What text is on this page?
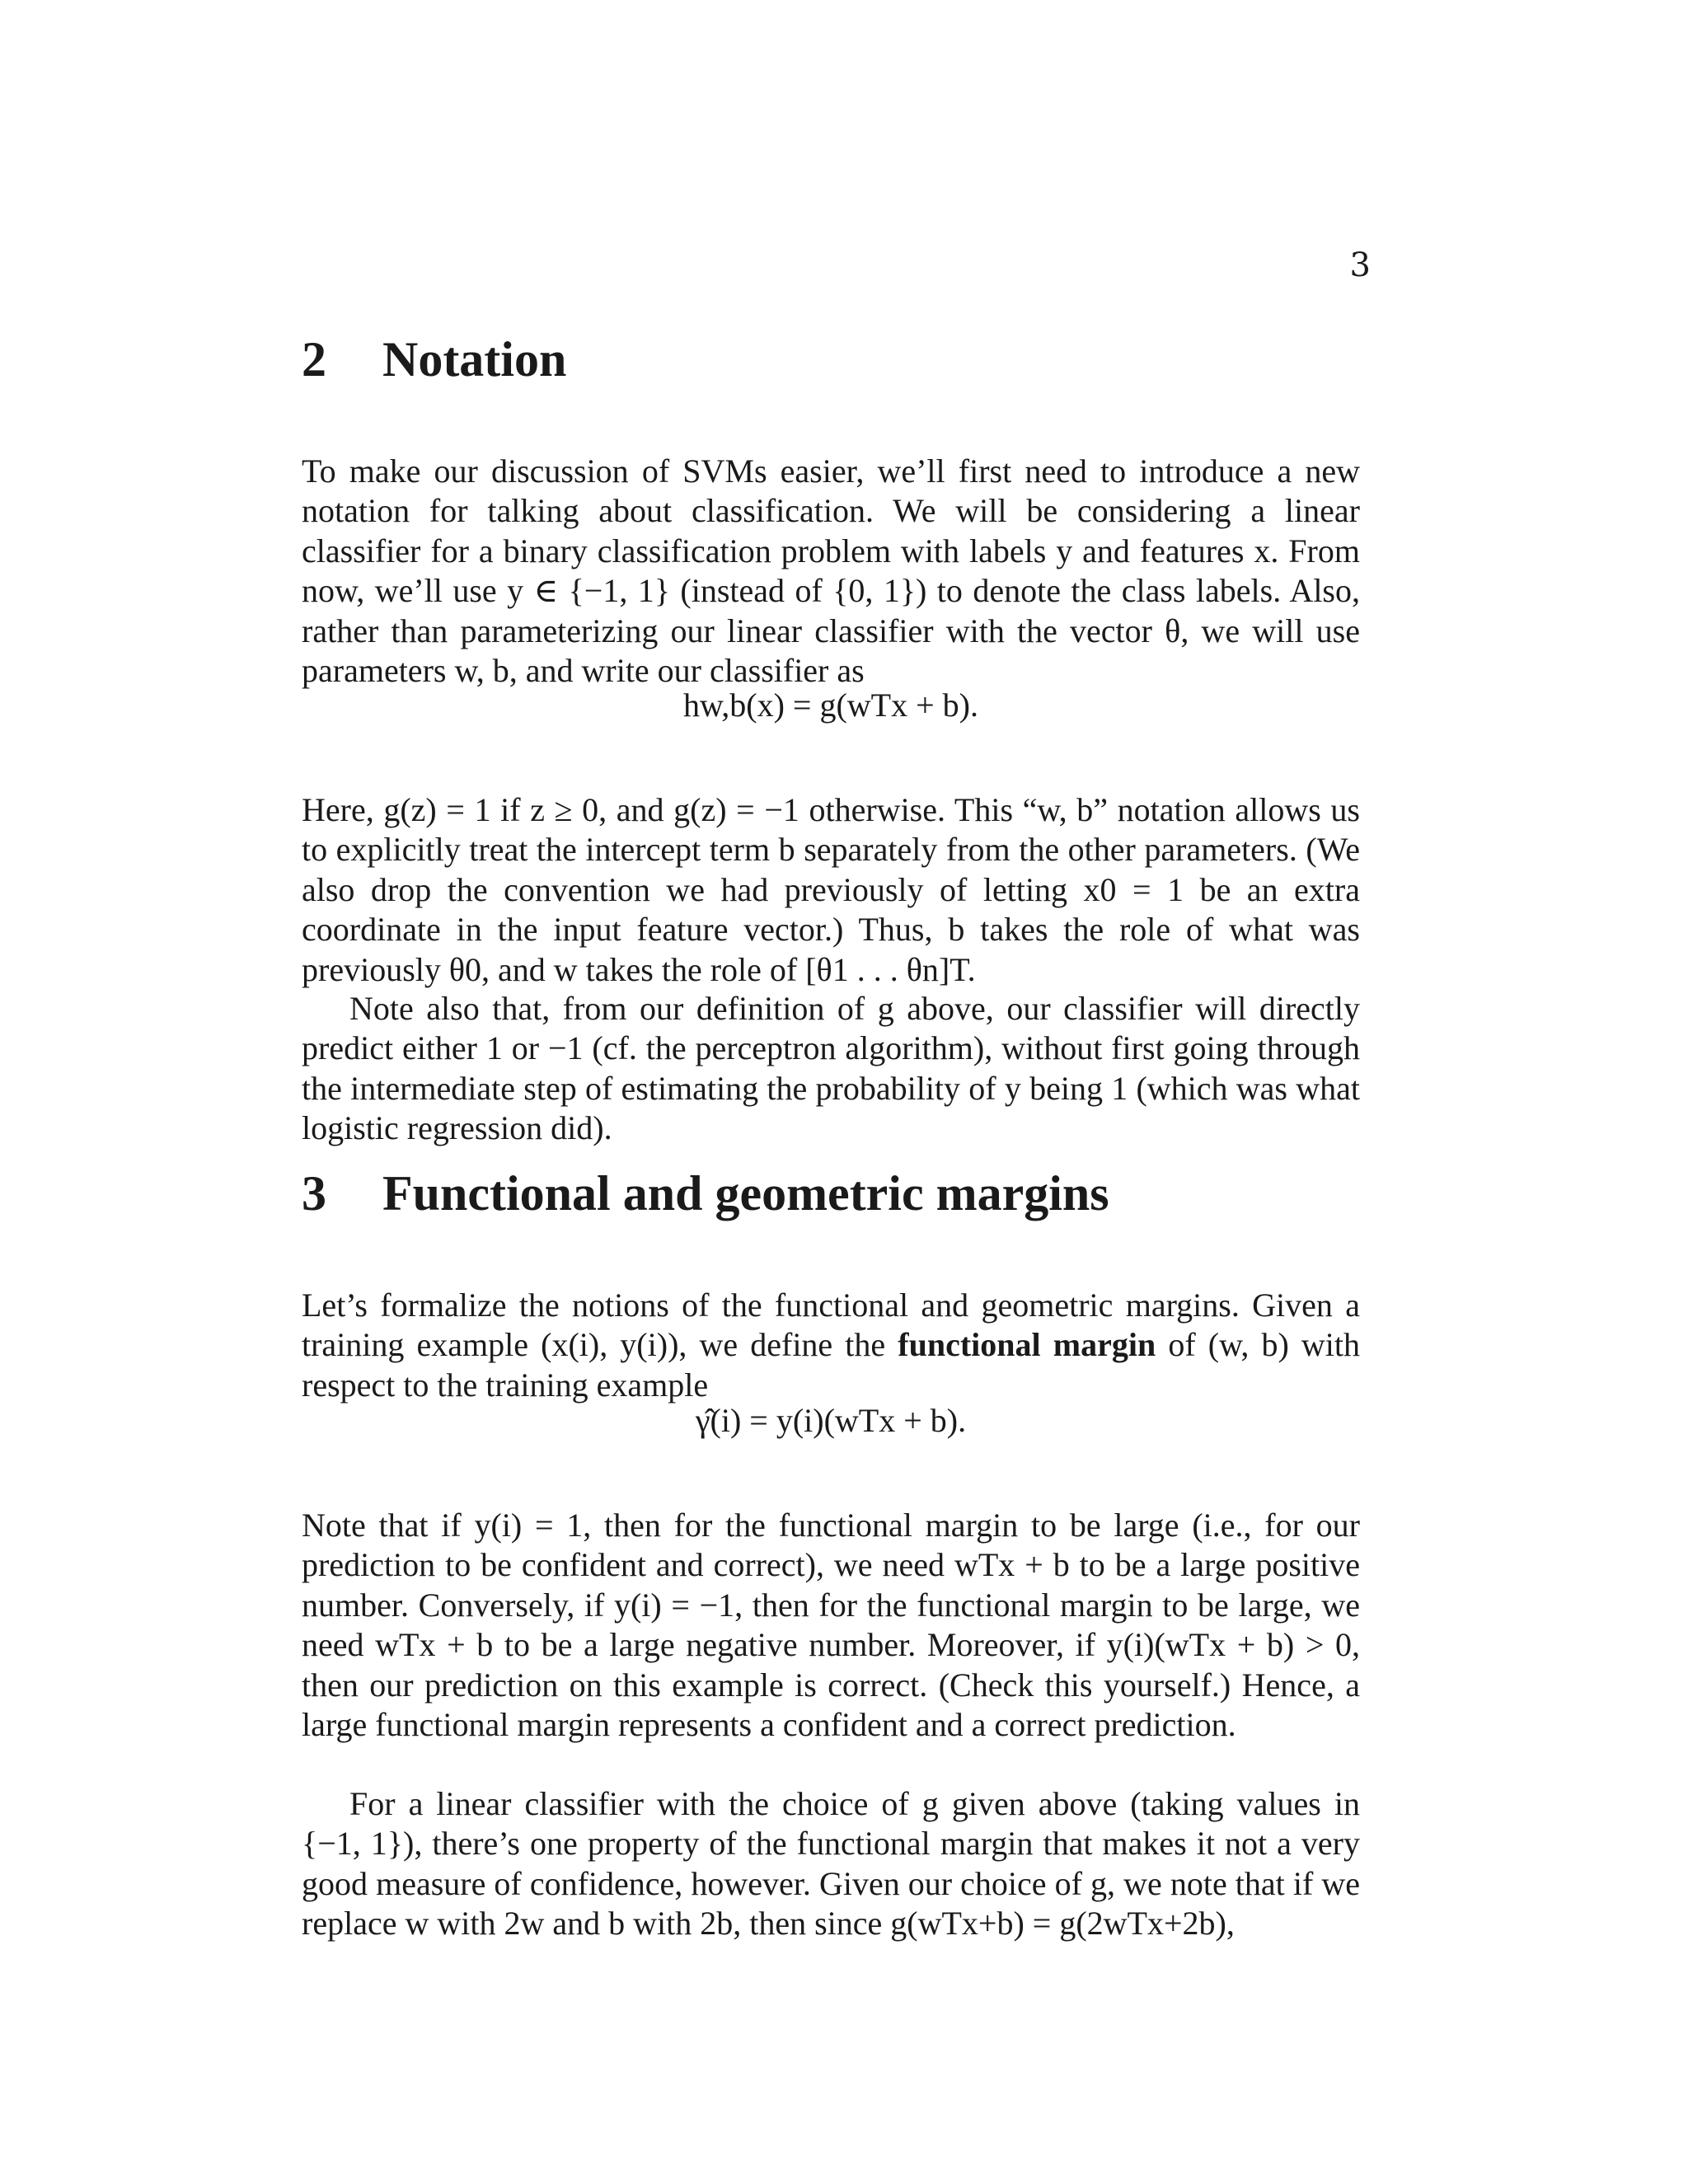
3
2 Notation

To make our discussion of SVMs easier, we’ll first need to introduce a new notation for talking about classification. We will be considering a linear classifier for a binary classification problem with labels y and features x. From now, we’ll use y ∈ {−1, 1} (instead of {0, 1}) to denote the class labels. Also, rather than parameterizing our linear classifier with the vector θ, we will use parameters w, b, and write our classifier as

hw,b(x) = g(wTx + b).

Here, g(z) = 1 if z ≥ 0, and g(z) = −1 otherwise. This “w, b” notation allows us to explicitly treat the intercept term b separately from the other parameters. (We also drop the convention we had previously of letting x0 = 1 be an extra coordinate in the input feature vector.) Thus, b takes the role of what was previously θ0, and w takes the role of [θ1 . . . θn]T.

Note also that, from our definition of g above, our classifier will directly predict either 1 or −1 (cf. the perceptron algorithm), without first going through the intermediate step of estimating the probability of y being 1 (which was what logistic regression did).

3 Functional and geometric margins

Let’s formalize the notions of the functional and geometric margins. Given a training example (x(i), y(i)), we define the functional margin of (w, b) with respect to the training example

γ̂(i) = y(i)(wTx + b).

Note that if y(i) = 1, then for the functional margin to be large (i.e., for our prediction to be confident and correct), we need wTx + b to be a large positive number. Conversely, if y(i) = −1, then for the functional margin to be large, we need wTx + b to be a large negative number. Moreover, if y(i)(wTx + b) > 0, then our prediction on this example is correct. (Check this yourself.) Hence, a large functional margin represents a confident and a correct prediction.

For a linear classifier with the choice of g given above (taking values in {−1, 1}), there’s one property of the functional margin that makes it not a very good measure of confidence, however. Given our choice of g, we note that if we replace w with 2w and b with 2b, then since g(wTx+b) = g(2wTx+2b),
